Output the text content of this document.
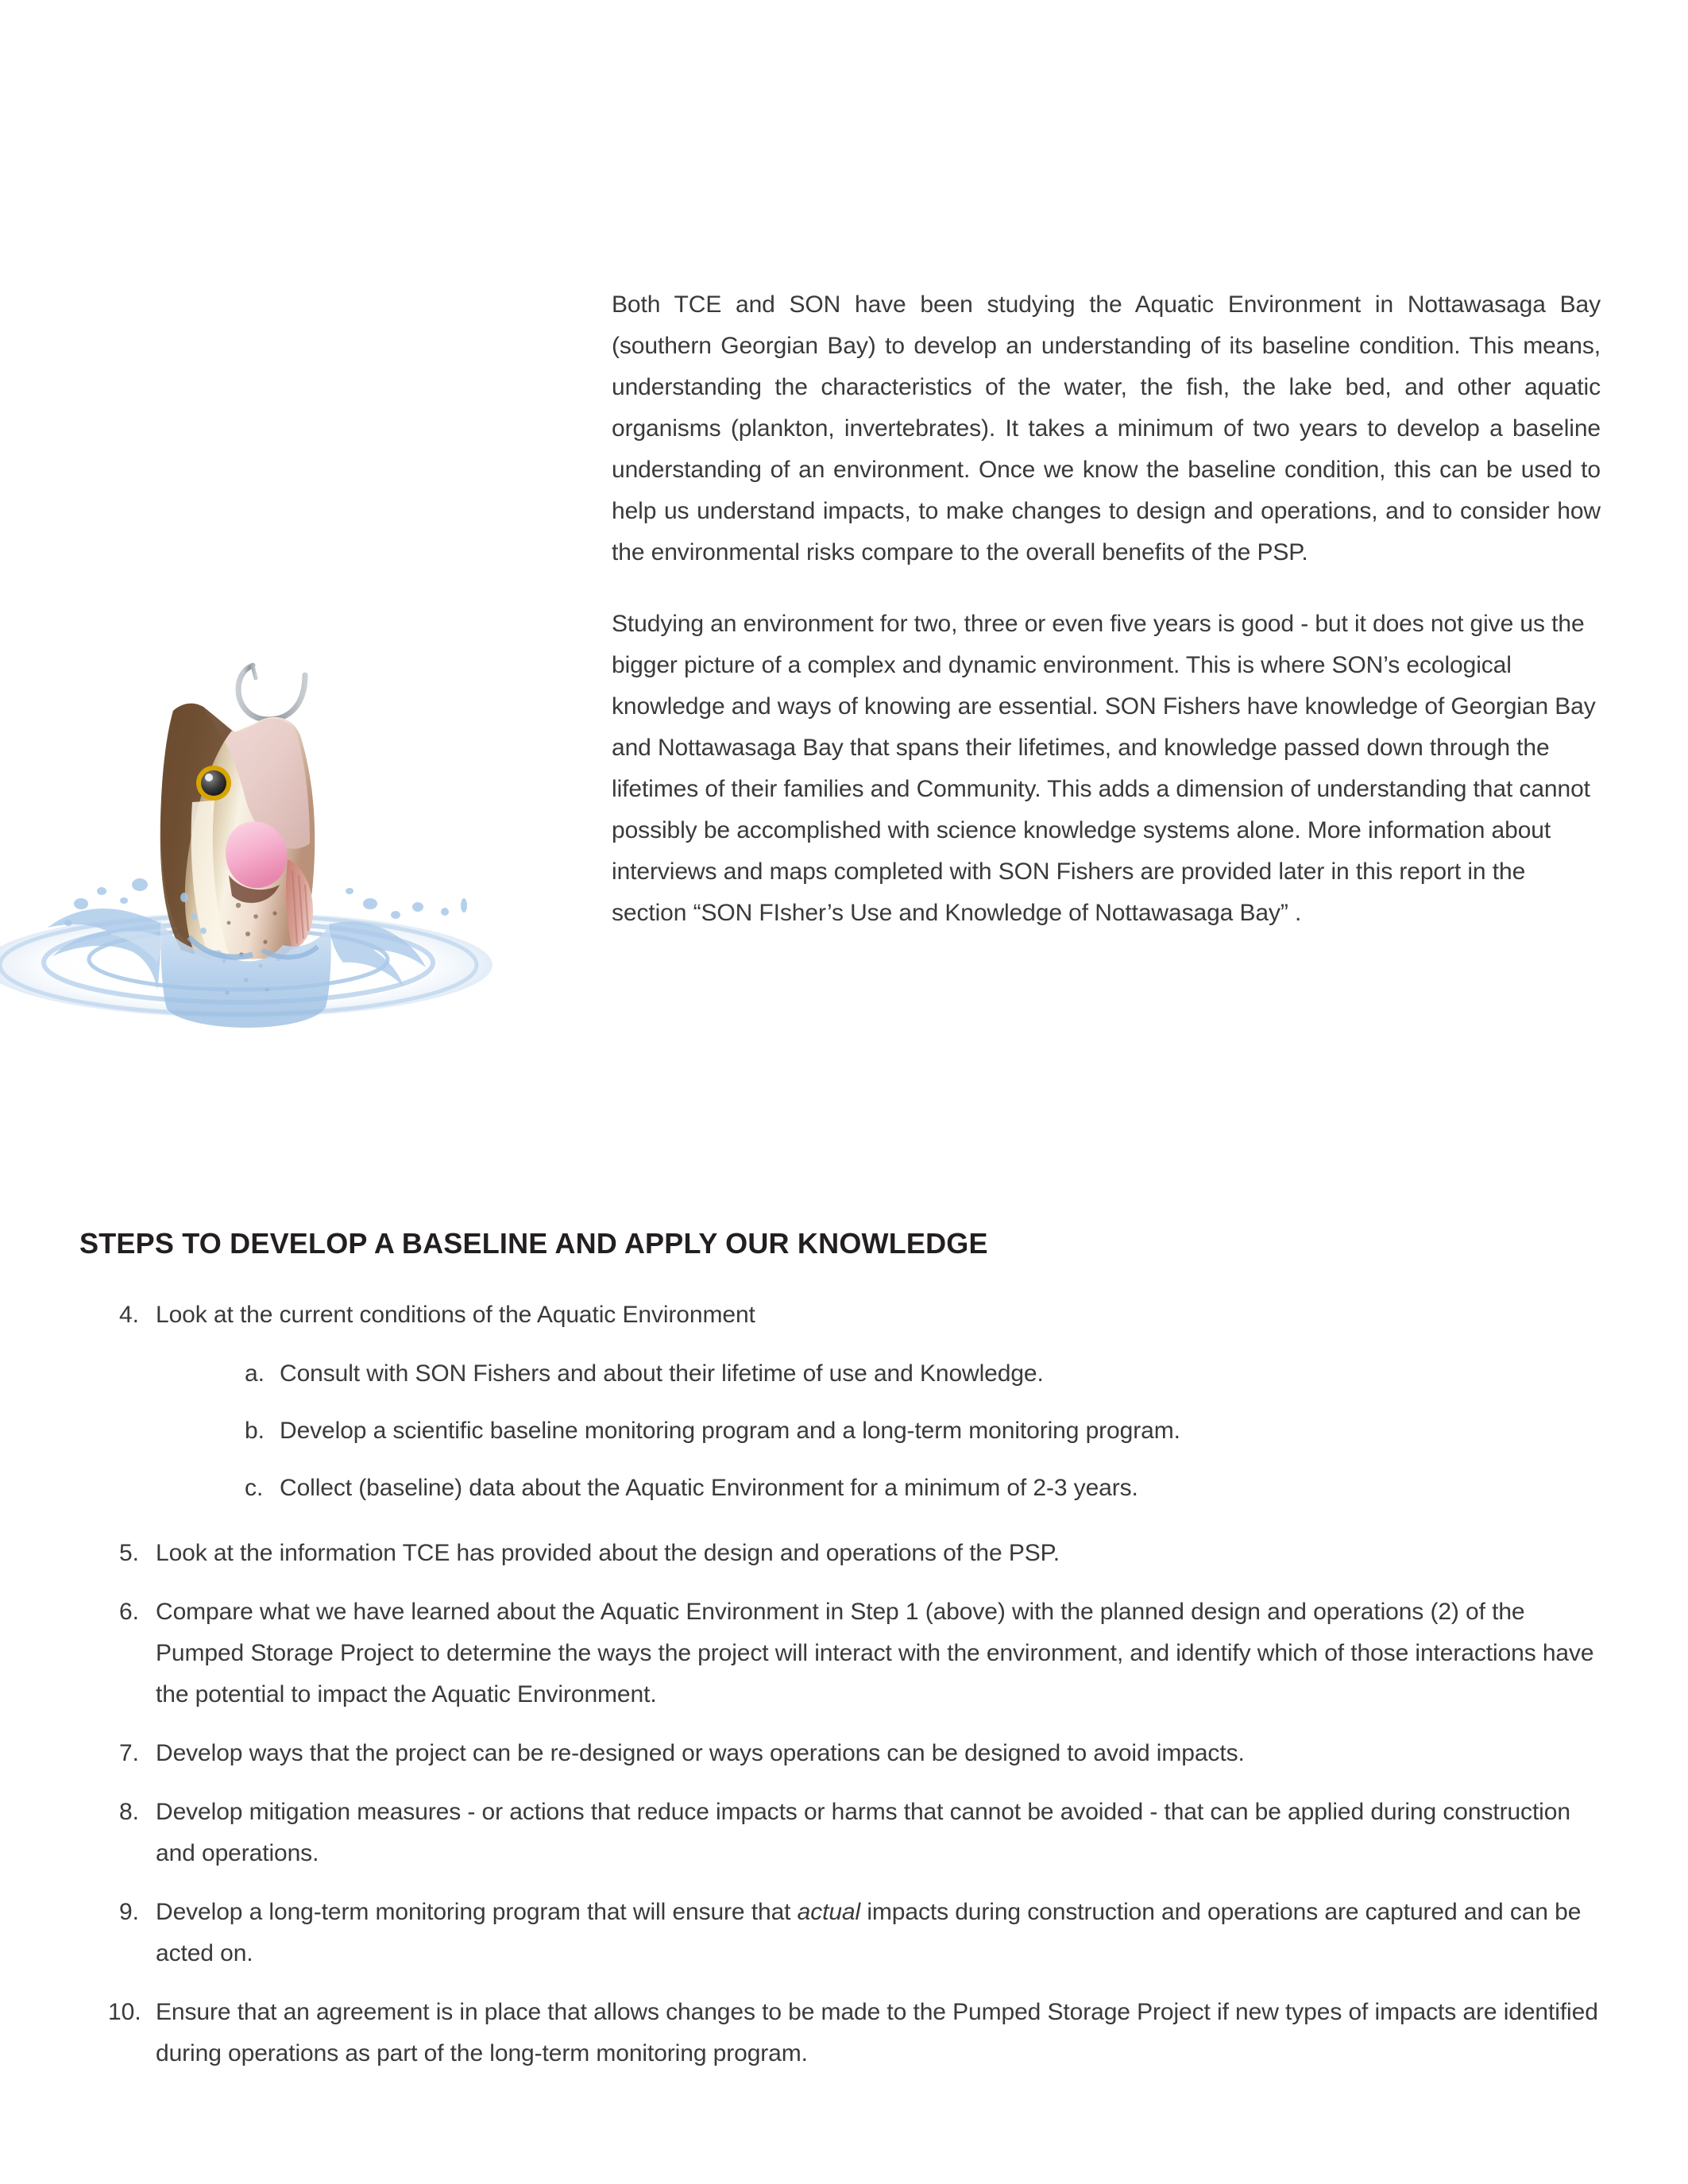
Both TCE and SON have been studying the Aquatic Environment in Nottawasaga Bay (southern Georgian Bay) to develop an understanding of its baseline condition. This means, understanding the characteristics of the water, the fish, the lake bed, and other aquatic organisms (plankton, invertebrates). It takes a minimum of two years to develop a baseline understanding of an environment. Once we know the baseline condition, this can be used to help us understand impacts, to make changes to design and operations, and to consider how the environmental risks compare to the overall benefits of the PSP.

Studying an environment for two, three or even five years is good - but it does not give us the bigger picture of a complex and dynamic environment. This is where SON’s ecological knowledge and ways of knowing are essential. SON Fishers have knowledge of Georgian Bay and Nottawasaga Bay that spans their lifetimes, and knowledge passed down through the lifetimes of their families and Community. This adds a dimension of understanding that cannot possibly be accomplished with science knowledge systems alone. More information about interviews and maps completed with SON Fishers are provided later in this report in the section “SON FIsher’s Use and Knowledge of Nottawasaga Bay” .

STEPS TO DEVELOP A BASELINE AND APPLY OUR KNOWLEDGE
4. Look at the current conditions of the Aquatic Environment
a. Consult with SON Fishers and about their lifetime of use and Knowledge.
b. Develop a scientific baseline monitoring program and a long-term monitoring program.
c. Collect (baseline) data about the Aquatic Environment for a minimum of 2-3 years.
5. Look at the information TCE has provided about the design and operations of the PSP.
6. Compare what we have learned about the Aquatic Environment in Step 1 (above) with the planned design and operations (2) of the Pumped Storage Project to determine the ways the project will interact with the environment, and identify which of those interactions have the potential to impact the Aquatic Environment.
7. Develop ways that the project can be re-designed or ways operations can be designed to avoid impacts.
8. Develop mitigation measures - or actions that reduce impacts or harms that cannot be avoided - that can be applied during construction and operations.
9. Develop a long-term monitoring program that will ensure that actual impacts during construction and operations are captured and can be acted on.
10. Ensure that an agreement is in place that allows changes to be made to the Pumped Storage Project if new types of impacts are identified during operations as part of the long-term monitoring program.
